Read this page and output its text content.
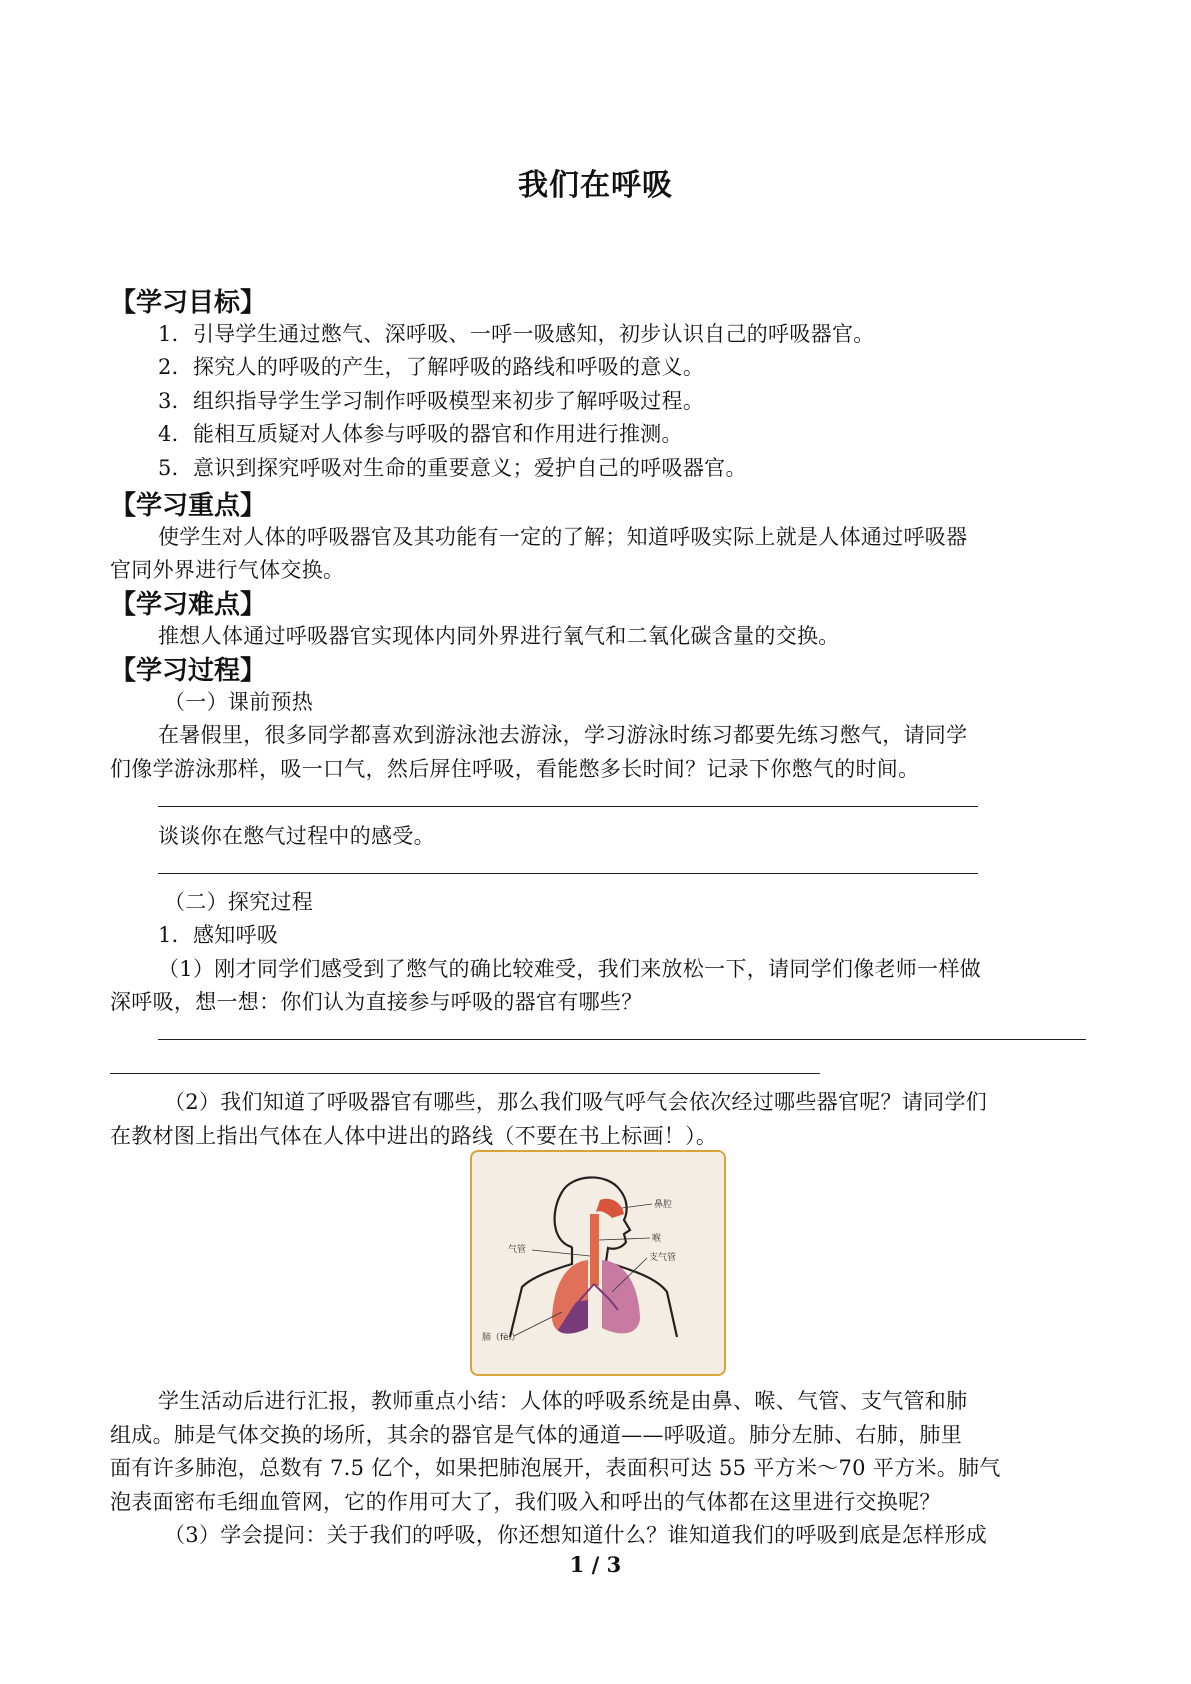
我们在呼吸
【学习目标】
1．引导学生通过憋气、深呼吸、一呼一吸感知，初步认识自己的呼吸器官。
2．探究人的呼吸的产生，了解呼吸的路线和呼吸的意义。
3．组织指导学生学习制作呼吸模型来初步了解呼吸过程。
4．能相互质疑对人体参与呼吸的器官和作用进行推测。
5．意识到探究呼吸对生命的重要意义；爱护自己的呼吸器官。
【学习重点】
使学生对人体的呼吸器官及其功能有一定的了解；知道呼吸实际上就是人体通过呼吸器
官同外界进行气体交换。
【学习难点】
推想人体通过呼吸器官实现体内同外界进行氧气和二氧化碳含量的交换。
【学习过程】
（一）课前预热
在暑假里，很多同学都喜欢到游泳池去游泳，学习游泳时练习都要先练习憋气，请同学
们像学游泳那样，吸一口气，然后屏住呼吸，看能憋多长时间？记录下你憋气的时间。
谈谈你在憋气过程中的感受。
（二）探究过程
1．感知呼吸
（1）刚才同学们感受到了憋气的确比较难受，我们来放松一下，请同学们像老师一样做
深呼吸，想一想：你们认为直接参与呼吸的器官有哪些？
（2）我们知道了呼吸器官有哪些，那么我们吸气呼气会依次经过哪些器官呢？请同学们
在教材图上指出气体在人体中进出的路线（不要在书上标画！）。
鼻腔
喉
气管
支气管
肺（fèi）
学生活动后进行汇报，教师重点小结：人体的呼吸系统是由鼻、喉、气管、支气管和肺
组成。肺是气体交换的场所，其余的器官是气体的通道——呼吸道。肺分左肺、右肺，肺里
面有许多肺泡，总数有 7.5 亿个，如果把肺泡展开，表面积可达 55 平方米～70 平方米。肺气
泡表面密布毛细血管网，它的作用可大了，我们吸入和呼出的气体都在这里进行交换呢？
（3）学会提问：关于我们的呼吸，你还想知道什么？谁知道我们的呼吸到底是怎样形成
1 / 3
